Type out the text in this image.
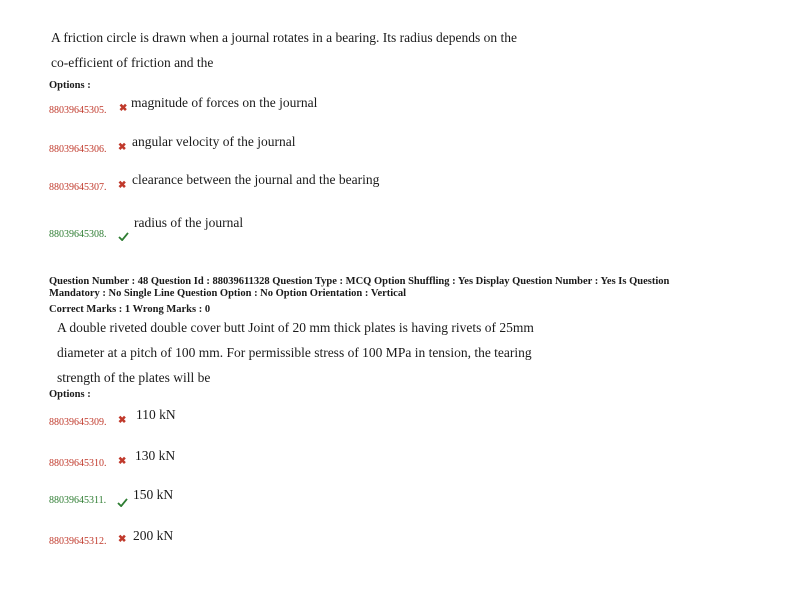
A friction circle is drawn when a journal rotates in a bearing. Its radius depends on the
co-efficient of friction and the
Options :
88039645305. ✖ magnitude of forces on the journal
88039645306. ✖ angular velocity of the journal
88039645307. ✖ clearance between the journal and the bearing
88039645308.
radius of the journal
Question Number : 48 Question Id : 88039611328 Question Type : MCQ Option Shuffling : Yes Display Question Number : Yes Is Question
Mandatory : No Single Line Question Option : No Option Orientation : Vertical
Correct Marks : 1 Wrong Marks : 0
A double riveted double cover butt Joint of 20 mm thick plates is having rivets of 25mm
diameter at a pitch of 100 mm. For permissible stress of 100 MPa in tension, the tearing
strength of the plates will be
Options :
88039645309. ✖ 110 kN
88039645310. ✖ 130 kN
88039645311. 150 kN
88039645312. ✖ 200 kN
